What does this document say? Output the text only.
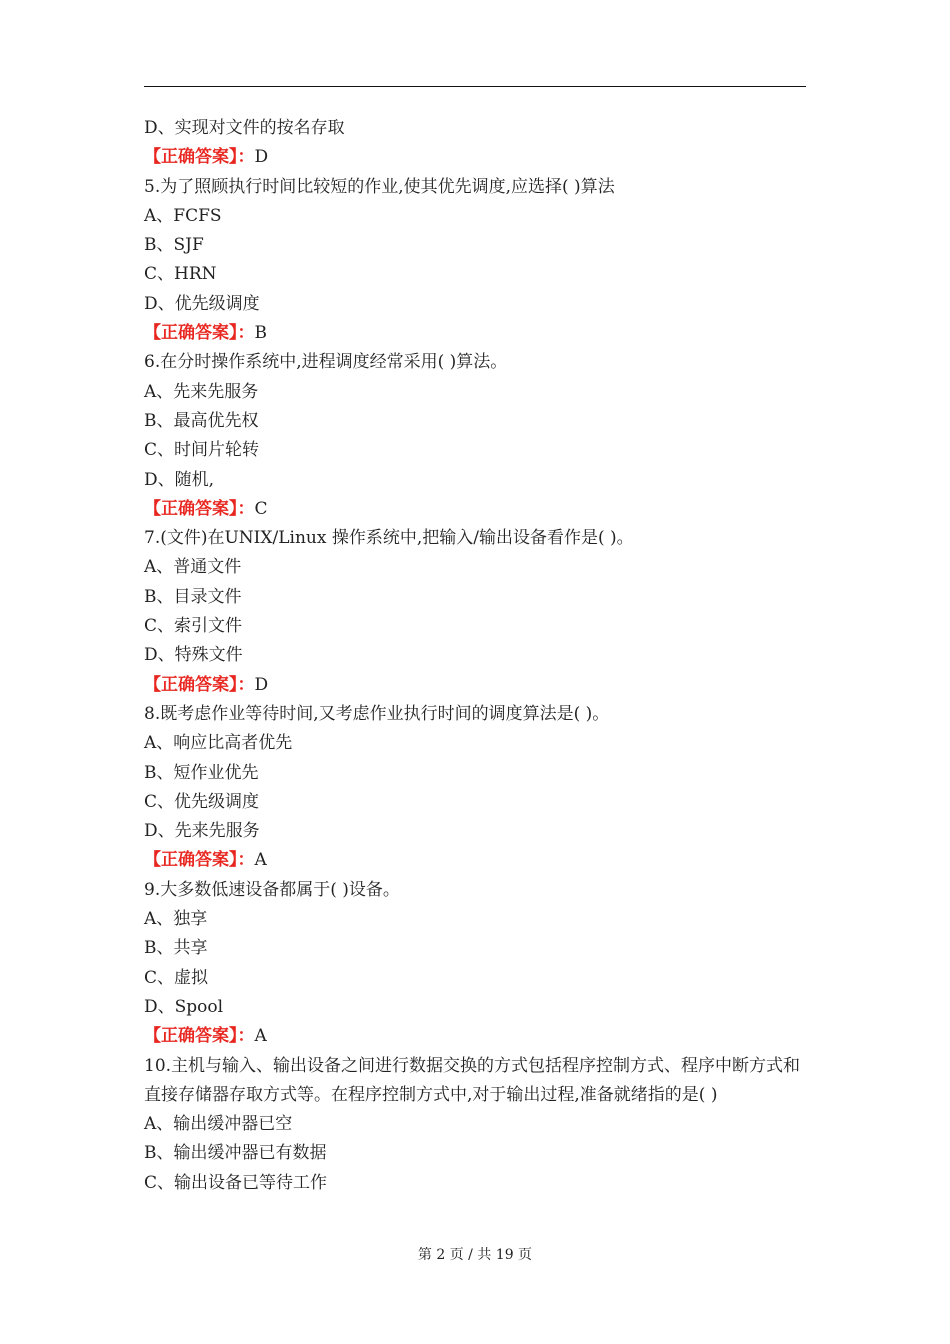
D、实现对文件的按名存取
【正确答案】：D
5.为了照顾执行时间比较短的作业,使其优先调度,应选择( )算法
A、FCFS
B、SJF
C、HRN
D、优先级调度
【正确答案】：B
6.在分时操作系统中,进程调度经常采用( )算法。
A、先来先服务
B、最高优先权
C、时间片轮转
D、随机,
【正确答案】：C
7.(文件)在UNIX/Linux 操作系统中,把输入/输出设备看作是( )。
A、普通文件
B、目录文件
C、索引文件
D、特殊文件
【正确答案】：D
8.既考虑作业等待时间,又考虑作业执行时间的调度算法是( )。
A、响应比高者优先
B、短作业优先
C、优先级调度
D、先来先服务
【正确答案】：A
9.大多数低速设备都属于( )设备。
A、独享
B、共享
C、虚拟
D、Spool
【正确答案】：A
10.主机与输入、输出设备之间进行数据交换的方式包括程序控制方式、程序中断方式和直接存储器存取方式等。在程序控制方式中,对于输出过程,准备就绪指的是( )
A、输出缓冲器已空
B、输出缓冲器已有数据
C、输出设备已等待工作
第 2 页 / 共 19 页
